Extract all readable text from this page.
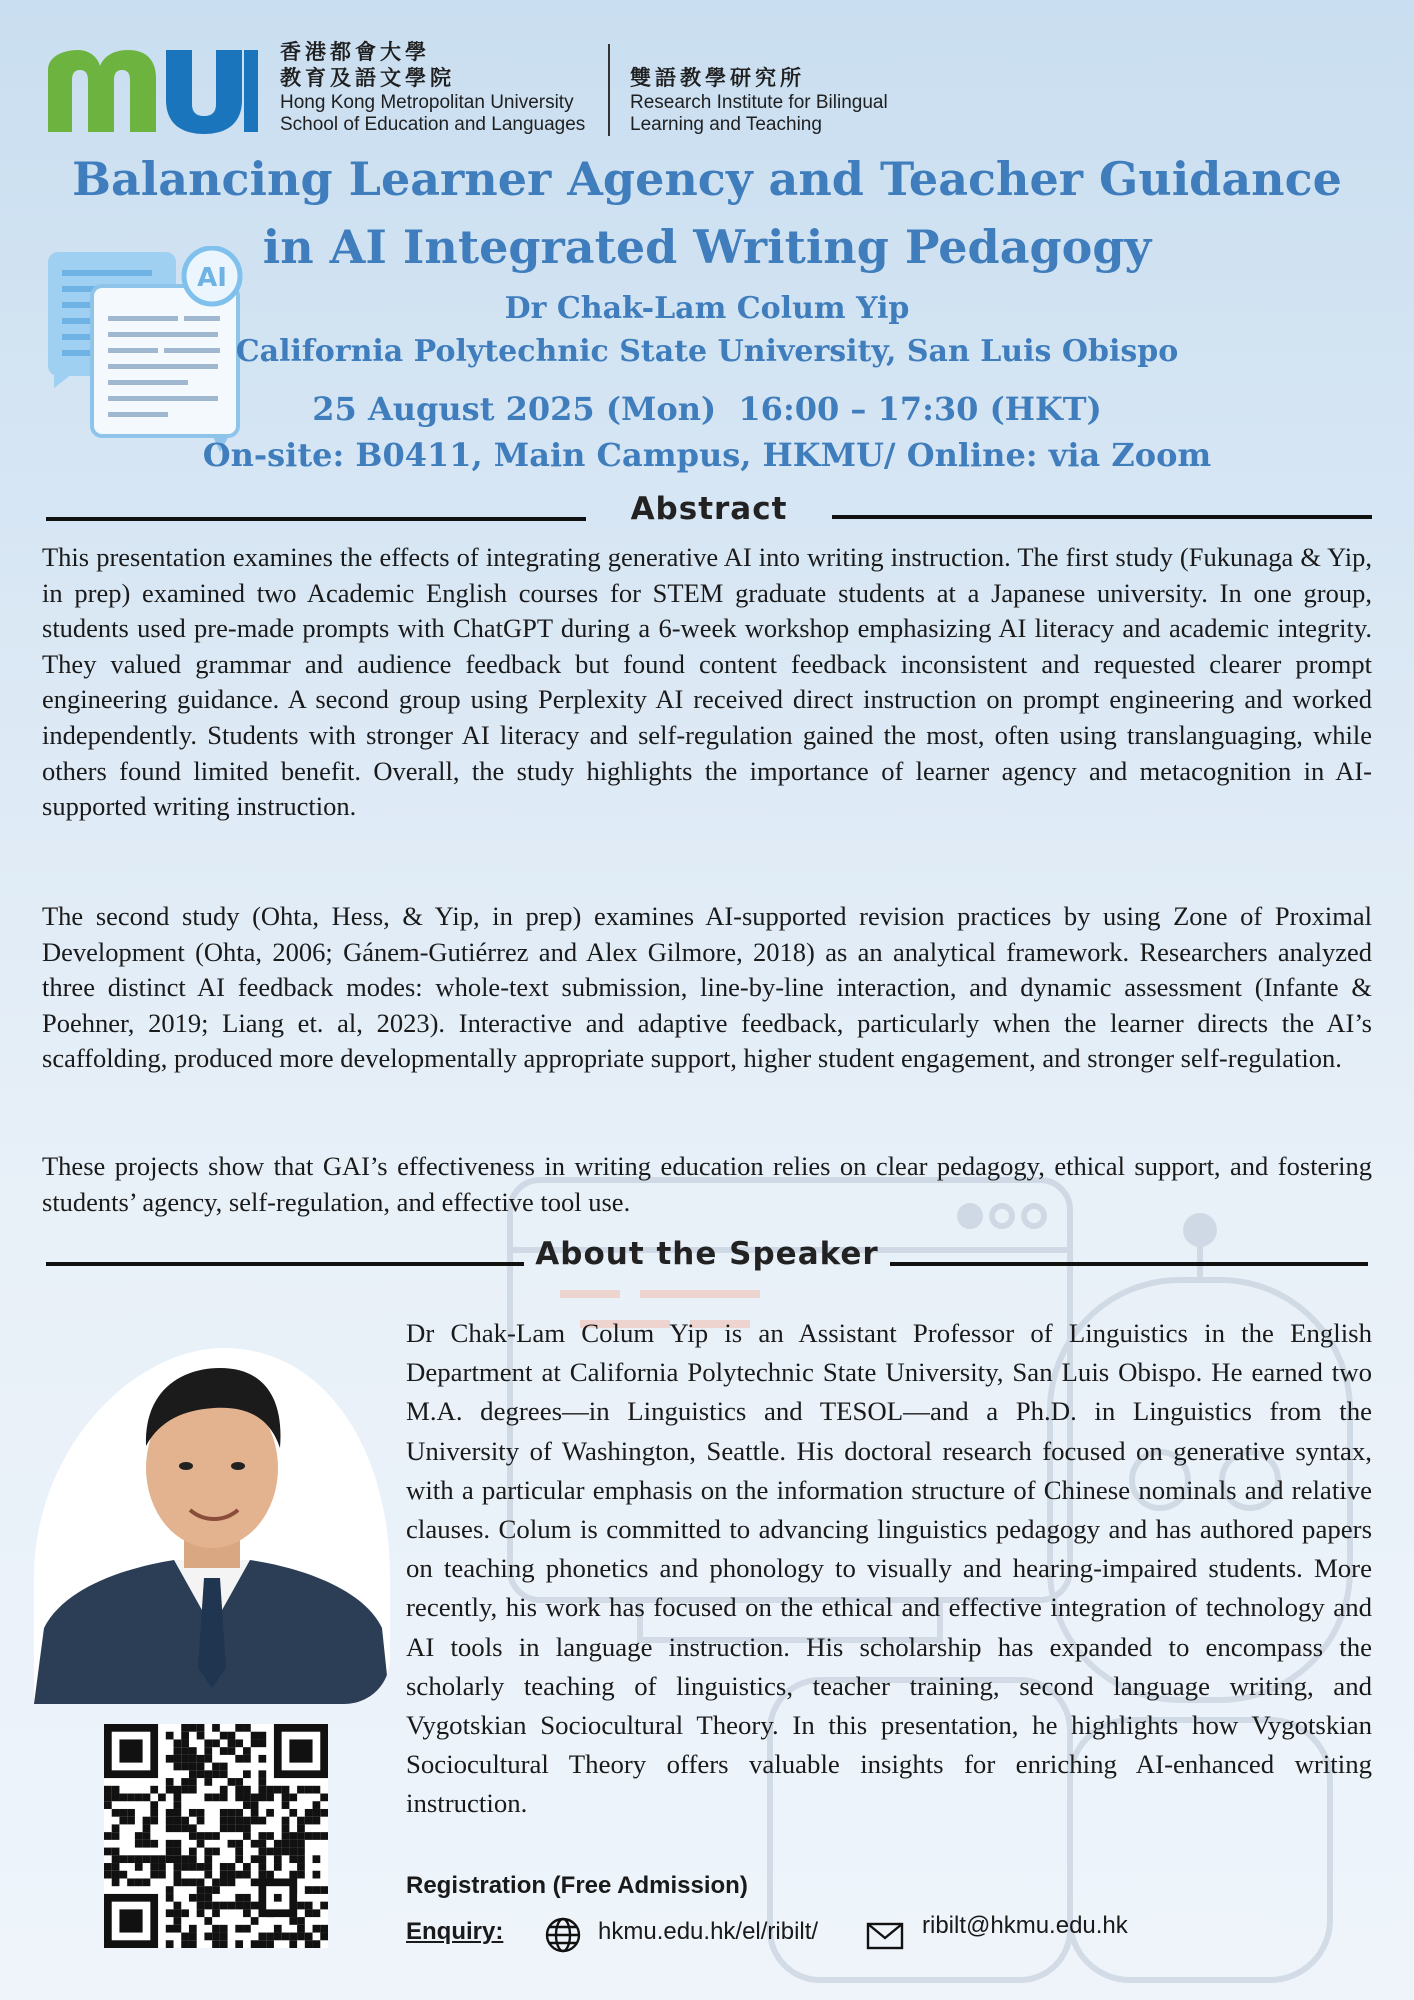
香港都會大學
教育及語文學院
Hong Kong Metropolitan University
School of Education and Languages
雙語教學研究所
Research Institute for Bilingual
Learning and Teaching
Balancing Learner Agency and Teacher Guidance
in AI Integrated Writing Pedagogy
AI
Dr Chak-Lam Colum Yip
California Polytechnic State University, San Luis Obispo
25 August 2025 (Mon)  16:00 – 17:30 (HKT)
On-site: B0411, Main Campus, HKMU/ Online: via Zoom
Abstract
This presentation examines the effects of integrating generative AI into writing instruction. The first study (Fukunaga & Yip, in prep) examined two Academic English courses for STEM graduate students at a Japanese university. In one group, students used pre-made prompts with ChatGPT during a 6-week workshop emphasizing AI literacy and academic integrity. They valued grammar and audience feedback but found content feedback inconsistent and requested clearer prompt engineering guidance. A second group using Perplexity AI received direct instruction on prompt engineering and worked independently. Students with stronger AI literacy and self-regulation gained the most, often using translanguaging, while others found limited benefit. Overall, the study highlights the importance of learner agency and metacognition in AI-supported writing instruction.
The second study (Ohta, Hess, & Yip, in prep) examines AI-supported revision practices by using Zone of Proximal Development (Ohta, 2006; Gánem-Gutiérrez and Alex Gilmore, 2018) as an analytical framework. Researchers analyzed three distinct AI feedback modes: whole-text submission, line-by-line interaction, and dynamic assessment (Infante & Poehner, 2019; Liang et. al, 2023). Interactive and adaptive feedback, particularly when the learner directs the AI’s scaffolding, produced more developmentally appropriate support, higher student engagement, and stronger self-regulation.
These projects show that GAI’s effectiveness in writing education relies on clear pedagogy, ethical support, and fostering students’ agency, self-regulation, and effective tool use.
About the Speaker
Dr Chak-Lam Colum Yip is an Assistant Professor of Linguistics in the English Department at California Polytechnic State University, San Luis Obispo. He earned two M.A. degrees—in Linguistics and TESOL—and a Ph.D. in Linguistics from the University of Washington, Seattle. His doctoral research focused on generative syntax, with a particular emphasis on the information structure of Chinese nominals and relative clauses. Colum is committed to advancing linguistics pedagogy and has authored papers on teaching phonetics and phonology to visually and hearing-impaired students. More recently, his work has focused on the ethical and effective integration of technology and AI tools in language instruction. His scholarship has expanded to encompass the scholarly teaching of linguistics, teacher training, second language writing, and Vygotskian Sociocultural Theory. In this presentation, he highlights how Vygotskian Sociocultural Theory offers valuable insights for enriching AI-enhanced writing instruction.
Registration (Free Admission)
Enquiry:	hkmu.edu.hk/el/ribilt/	ribilt@hkmu.edu.hk
